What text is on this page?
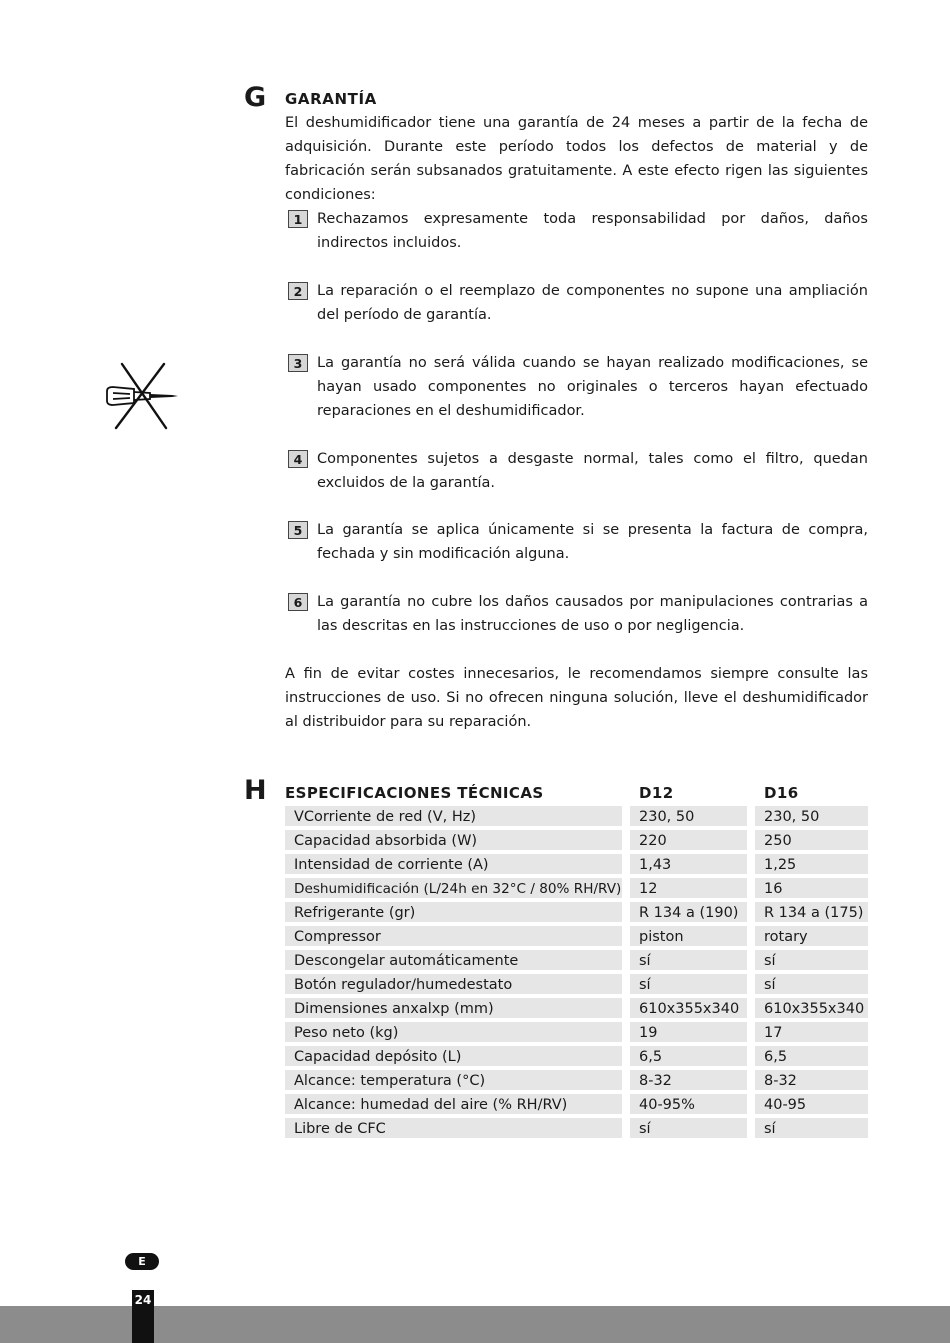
G GARANTÍA
El deshumidificador tiene una garantía de 24 meses a partir de la fecha de adquisición. Durante este período todos los defectos de material y de fabricación serán subsanados gratuitamente. A este efecto rigen las siguientes condiciones:
1	Rechazamos expresamente toda responsabilidad por daños, daños indirectos incluidos.
2	La reparación o el reemplazo de componentes no supone una ampliación del período de garantía.
3	La garantía no será válida cuando se hayan realizado modificaciones, se hayan usado componentes no originales o terceros hayan efectuado reparaciones en el deshumidificador.
4	Componentes sujetos a desgaste normal, tales como el filtro, quedan excluidos de la garantía.
5	La garantía se aplica únicamente si se presenta la factura de compra, fechada y sin modificación alguna.
6	La garantía no cubre los daños causados por manipulaciones contrarias a las descritas en las instrucciones de uso o por negligencia.
A fin de evitar costes innecesarios, le recomendamos siempre consulte las instrucciones de uso. Si no ofrecen ninguna solución, lleve el deshumidificador al distribuidor para su reparación.
H ESPECIFICACIONES TÉCNICAS	D12	D16
VCorriente de red (V, Hz)	230, 50	230, 50
Capacidad absorbida (W)	220	250
Intensidad de corriente (A)	1,43	1,25
Deshumidificación (L/24h en 32°C / 80% RH/RV)	12	16
Refrigerante (gr)	R 134 a (190)	R 134 a (175)
Compressor	piston	rotary
Descongelar automáticamente	sí	sí
Botón regulador/humedestato	sí	sí
Dimensiones anxalxp (mm)	610x355x340	610x355x340
Peso neto (kg)	19	17
Capacidad depósito (L)	6,5	6,5
Alcance: temperatura (°C)	8-32	8-32
Alcance: humedad del aire (% RH/RV)	40-95%	40-95
Libre de CFC	sí	sí
E
24
